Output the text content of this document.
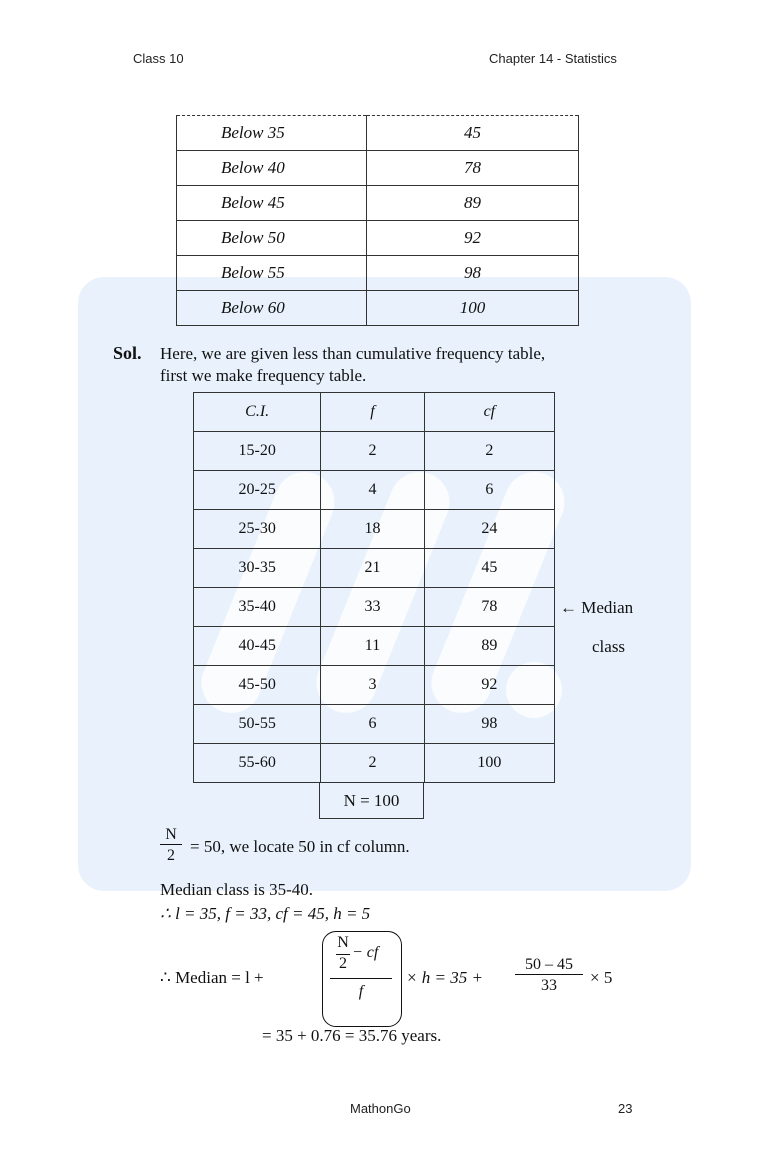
Class 10	Chapter 14 - Statistics
Below 35	45
Below 40	78
Below 45	89
Below 50	92
Below 55	98
Below 60	100
Sol. Here, we are given less than cumulative frequency table,
first we make frequency table.
C.I.	f	cf
15-20	2	2
20-25	4	6
25-30	18	24
30-35	21	45
35-40	33	78
40-45	11	89
45-50	3	92
50-55	6	98
55-60	2	100
N = 100
← Median
class
$\frac{N}{2} = 50$, we locate 50 in cf column.
Median class is 35-40.
∴ l = 35, f = 33, cf = 45, h = 5
∴ Median = l +	N
2
− cf
$f \times h = 35 + \frac{50 - 45}{33} \times 5$
= 35 + 0.76 = 35.76 years.
MathonGo	23
